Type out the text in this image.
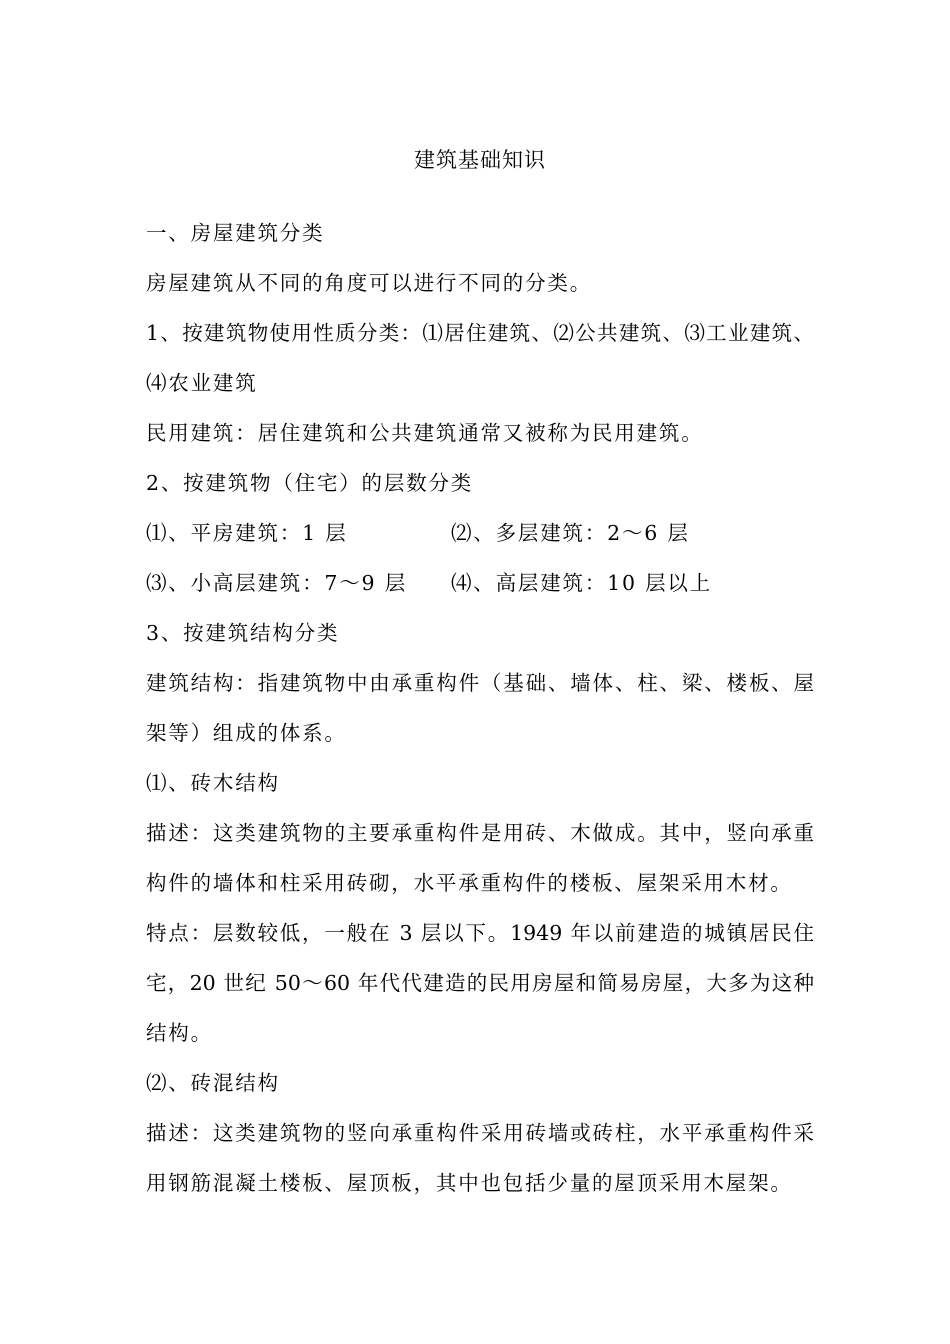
建筑基础知识
一、房屋建筑分类
房屋建筑从不同的角度可以进行不同的分类。
1、按建筑物使用性质分类：⑴居住建筑、⑵公共建筑、⑶工业建筑、
⑷农业建筑
民用建筑：居住建筑和公共建筑通常又被称为民用建筑。
2、按建筑物（住宅）的层数分类
⑴、平房建筑：1 层	⑵、多层建筑：2～6 层
⑶、小高层建筑：7～9 层 ⑷、高层建筑：10 层以上
3、按建筑结构分类
建筑结构：指建筑物中由承重构件（基础、墙体、柱、梁、楼板、屋
架等）组成的体系。
⑴、砖木结构
描述：这类建筑物的主要承重构件是用砖、木做成。其中，竖向承重
构件的墙体和柱采用砖砌，水平承重构件的楼板、屋架采用木材。
特点：层数较低，一般在 3 层以下。1949 年以前建造的城镇居民住
宅，20 世纪 50～60 年代代建造的民用房屋和简易房屋，大多为这种
结构。
⑵、砖混结构
描述：这类建筑物的竖向承重构件采用砖墙或砖柱，水平承重构件采
用钢筋混凝土楼板、屋顶板，其中也包括少量的屋顶采用木屋架。
